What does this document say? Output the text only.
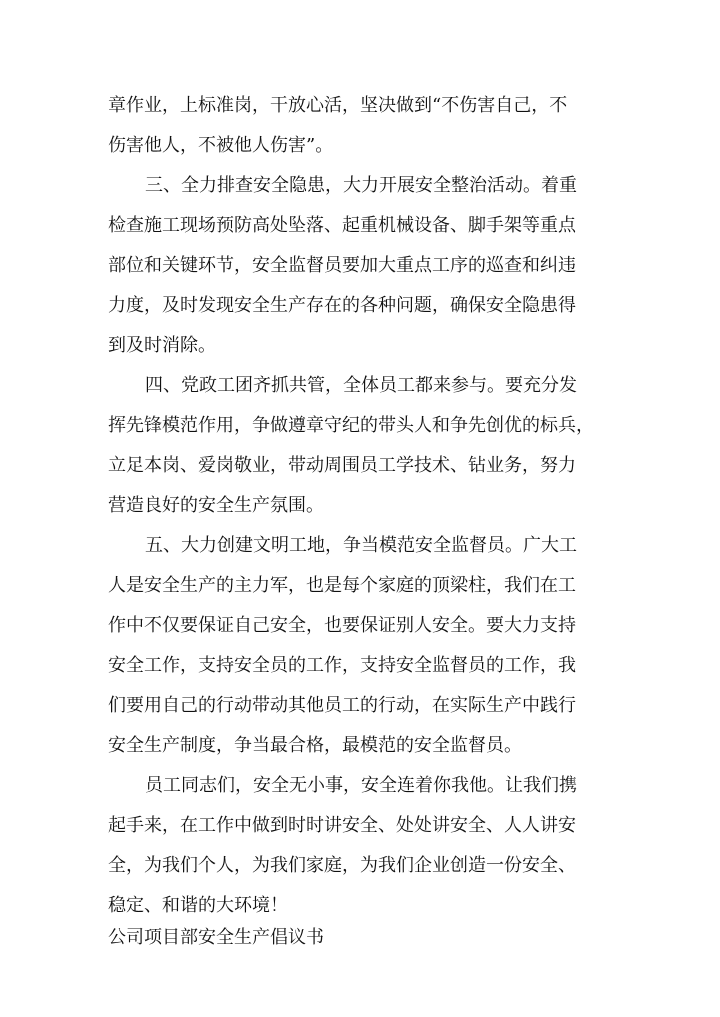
章作业，上标准岗，干放心活，坚决做到“不伤害自己，不
伤害他人，不被他人伤害”。
三、全力排查安全隐患，大力开展安全整治活动。着重
检查施工现场预防高处坠落、起重机械设备、脚手架等重点
部位和关键环节，安全监督员要加大重点工序的巡查和纠违
力度，及时发现安全生产存在的各种问题，确保安全隐患得
到及时消除。
四、党政工团齐抓共管，全体员工都来参与。要充分发
挥先锋模范作用，争做遵章守纪的带头人和争先创优的标兵，
立足本岗、爱岗敬业，带动周围员工学技术、钻业务，努力
营造良好的安全生产氛围。
五、大力创建文明工地，争当模范安全监督员。广大工
人是安全生产的主力军，也是每个家庭的顶梁柱，我们在工
作中不仅要保证自己安全，也要保证别人安全。要大力支持
安全工作，支持安全员的工作，支持安全监督员的工作，我
们要用自己的行动带动其他员工的行动，在实际生产中践行
安全生产制度，争当最合格，最模范的安全监督员。
员工同志们，安全无小事，安全连着你我他。让我们携
起手来，在工作中做到时时讲安全、处处讲安全、人人讲安
全，为我们个人，为我们家庭，为我们企业创造一份安全、
稳定、和谐的大环境！
公司项目部安全生产倡议书
